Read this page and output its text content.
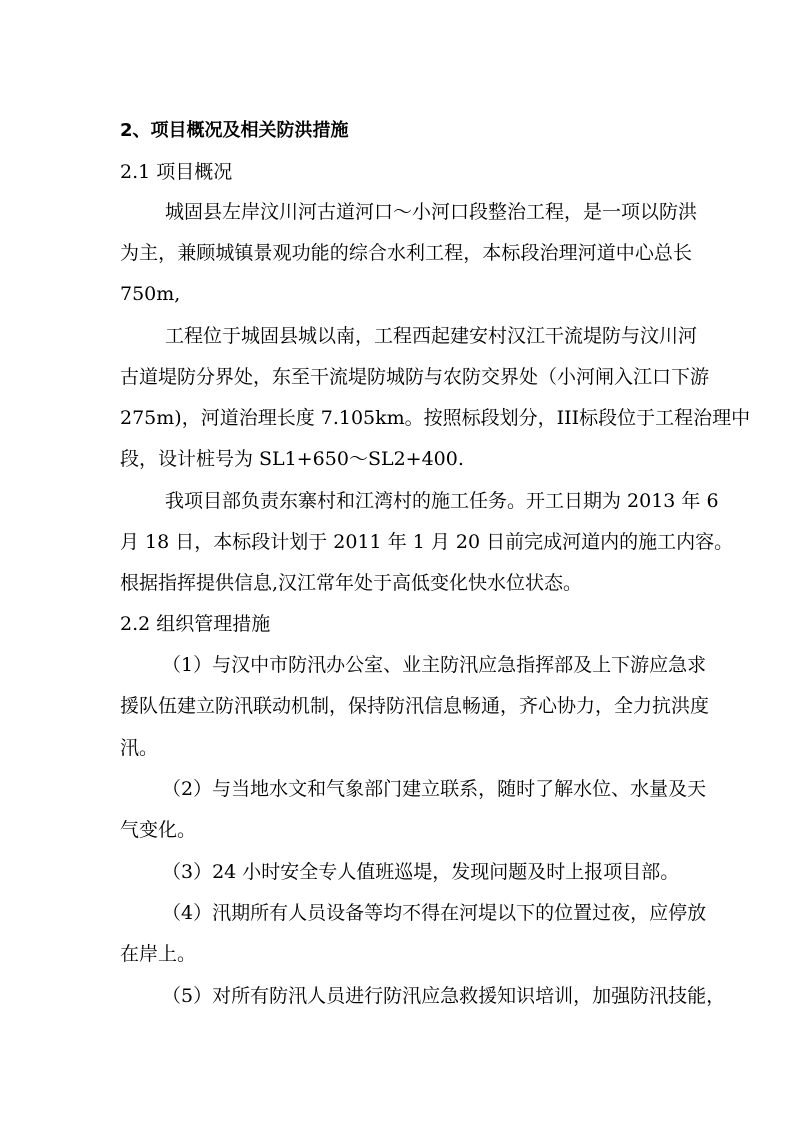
2、项目概况及相关防洪措施
2.1 项目概况
城固县左岸汶川河古道河口～小河口段整治工程，是一项以防洪
为主，兼顾城镇景观功能的综合水利工程，本标段治理河道中心总长
750m,
工程位于城固县城以南，工程西起建安村汉江干流堤防与汶川河
古道堤防分界处，东至干流堤防城防与农防交界处（小河闸入江口下游
275m)，河道治理长度 7.105km。按照标段划分，III标段位于工程治理中
段，设计桩号为 SL1+650～SL2+400.
我项目部负责东寨村和江湾村的施工任务。开工日期为 2013 年 6
月 18 日，本标段计划于 2011 年 1 月 20 日前完成河道内的施工内容。
根据指挥提供信息,汉江常年处于高低变化快水位状态。
2.2 组织管理措施
（1）与汉中市防汛办公室、业主防汛应急指挥部及上下游应急求
援队伍建立防汛联动机制，保持防汛信息畅通，齐心协力，全力抗洪度
汛。
（2）与当地水文和气象部门建立联系，随时了解水位、水量及天
气变化。
（3）24 小时安全专人值班巡堤，发现问题及时上报项目部。
（4）汛期所有人员设备等均不得在河堤以下的位置过夜，应停放
在岸上。
（5）对所有防汛人员进行防汛应急救援知识培训，加强防汛技能，
